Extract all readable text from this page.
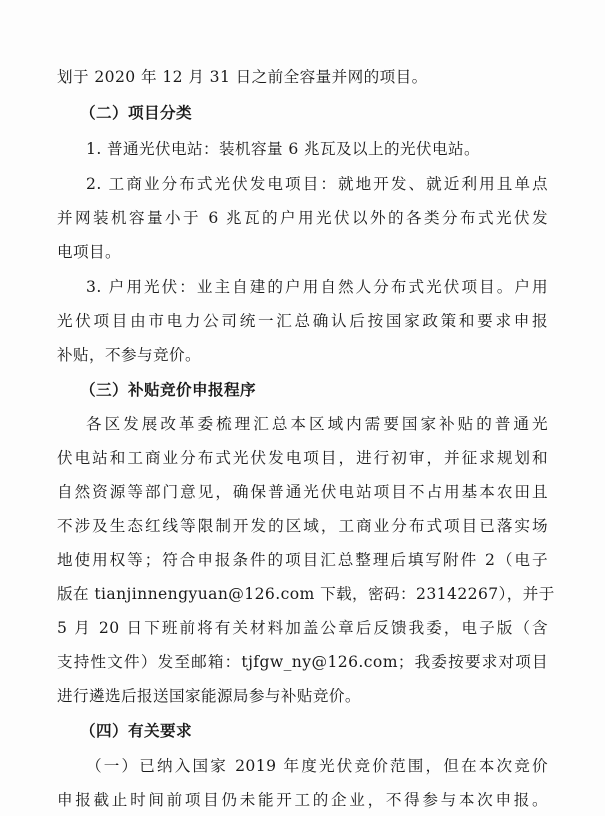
划于 2020 年 12 月 31 日之前全容量并网的项目。
（二）项目分类
1. 普通光伏电站：装机容量 6 兆瓦及以上的光伏电站。
2. 工商业分布式光伏发电项目：就地开发、就近利用且单点
并网装机容量小于 6 兆瓦的户用光伏以外的各类分布式光伏发
电项目。
3. 户用光伏：业主自建的户用自然人分布式光伏项目。户用
光伏项目由市电力公司统一汇总确认后按国家政策和要求申报
补贴，不参与竞价。
（三）补贴竞价申报程序
各区发展改革委梳理汇总本区域内需要国家补贴的普通光
伏电站和工商业分布式光伏发电项目，进行初审，并征求规划和
自然资源等部门意见，确保普通光伏电站项目不占用基本农田且
不涉及生态红线等限制开发的区域，工商业分布式项目已落实场
地使用权等；符合申报条件的项目汇总整理后填写附件 2（电子
版在 tianjinnengyuan@126.com 下载，密码：23142267），并于
5 月 20 日下班前将有关材料加盖公章后反馈我委，电子版（含
支持性文件）发至邮箱：tjfgw_ny@126.com；我委按要求对项目
进行遴选后报送国家能源局参与补贴竞价。
（四）有关要求
（一）已纳入国家 2019 年度光伏竞价范围，但在本次竞价
申报截止时间前项目仍未能开工的企业，不得参与本次申报。
